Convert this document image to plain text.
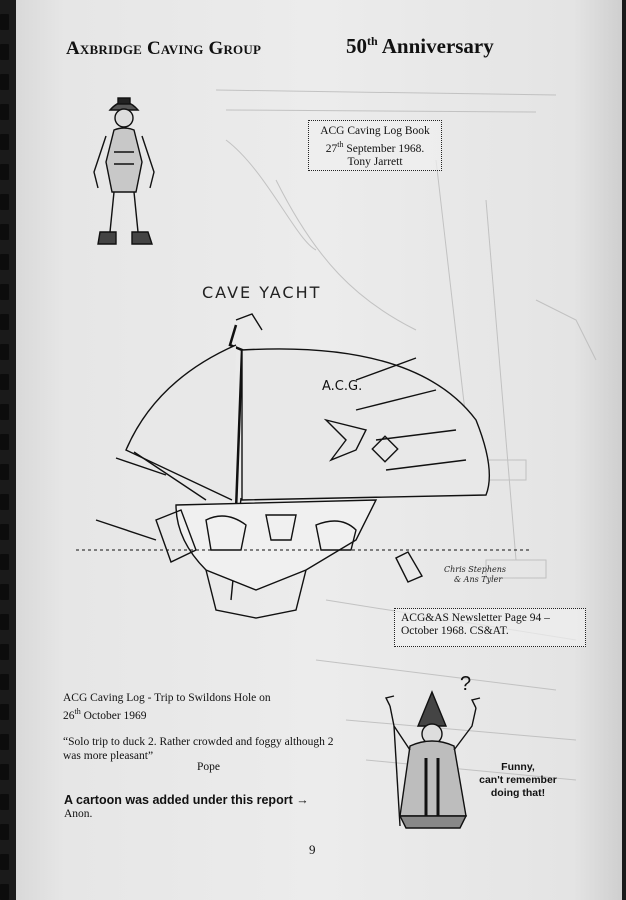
Axbridge Caving Group	50th Anniversary
ACG Caving Log Book
27th September 1968.
Tony Jarrett
CAVE YACHT
A.C.G.
Chris Stephens & Ans Tyler
ACG&AS Newsletter Page 94 –
October 1968. CS&AT.
ACG Caving Log - Trip to Swildons Hole on
26th October 1969
“Solo trip to duck 2. Rather crowded and foggy although 2 was more pleasant”
Pope
A cartoon was added under this report →
Anon.
?
Funny,
can't remember
doing that!
9
